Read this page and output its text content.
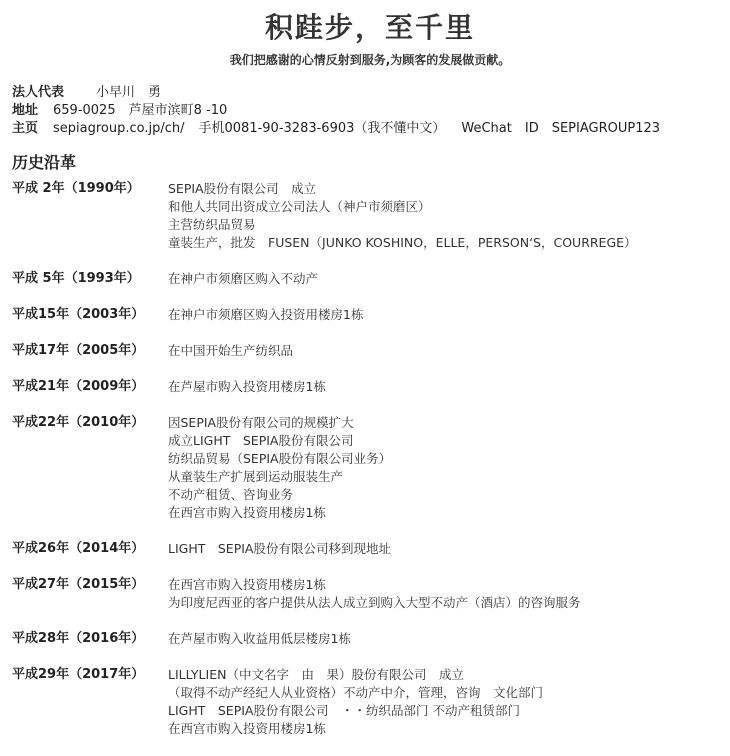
积跬步，至千里
我们把感谢的心情反射到服务,为顾客的发展做贡献。
法人代表 小早川　勇
地址 659-0025 芦屋市滨町8 -10
主页 sepiagroup.co.jp/ch/ 手机0081-90-3283-6903（我不懂中文） WeChat　ID　SEPIAGROUP123
历史沿革
平成 2年（1990年） SEPIA股份有限公司　成立
和他人共同出资成立公司法人（神户市须磨区）
主营纺织品贸易
童装生产，批发　FUSEN（JUNKO KOSHINO，ELLE，PERSON‘S，COURREGE）
平成 5年（1993年） 在神户市须磨区购入不动产
平成15年（2003年） 在神户市须磨区购入投资用楼房1栋
平成17年（2005年） 在中国开始生产纺织品
平成21年（2009年） 在芦屋市购入投资用楼房1栋
平成22年（2010年） 因SEPIA股份有限公司的规模扩大
成立LIGHT　SEPIA股份有限公司
纺织品贸易（SEPIA股份有限公司业务）
从童装生产扩展到运动服装生产
不动产租赁、咨询业务
在西宫市购入投资用楼房1栋
平成26年（2014年） LIGHT　SEPIA股份有限公司移到现地址
平成27年（2015年） 在西宫市购入投资用楼房1栋
为印度尼西亚的客户提供从法人成立到购入大型不动产（酒店）的咨询服务
平成28年（2016年） 在芦屋市购入收益用低层楼房1栋
平成29年（2017年） LILLYLIEN（中文名字　由　果）股份有限公司　成立
（取得不动产经纪人从业资格）不动产中介，管理，咨询　文化部门
LIGHT　SEPIA股份有限公司　・・纺织品部门 不动产租赁部门
在西宫市购入投资用楼房1栋
